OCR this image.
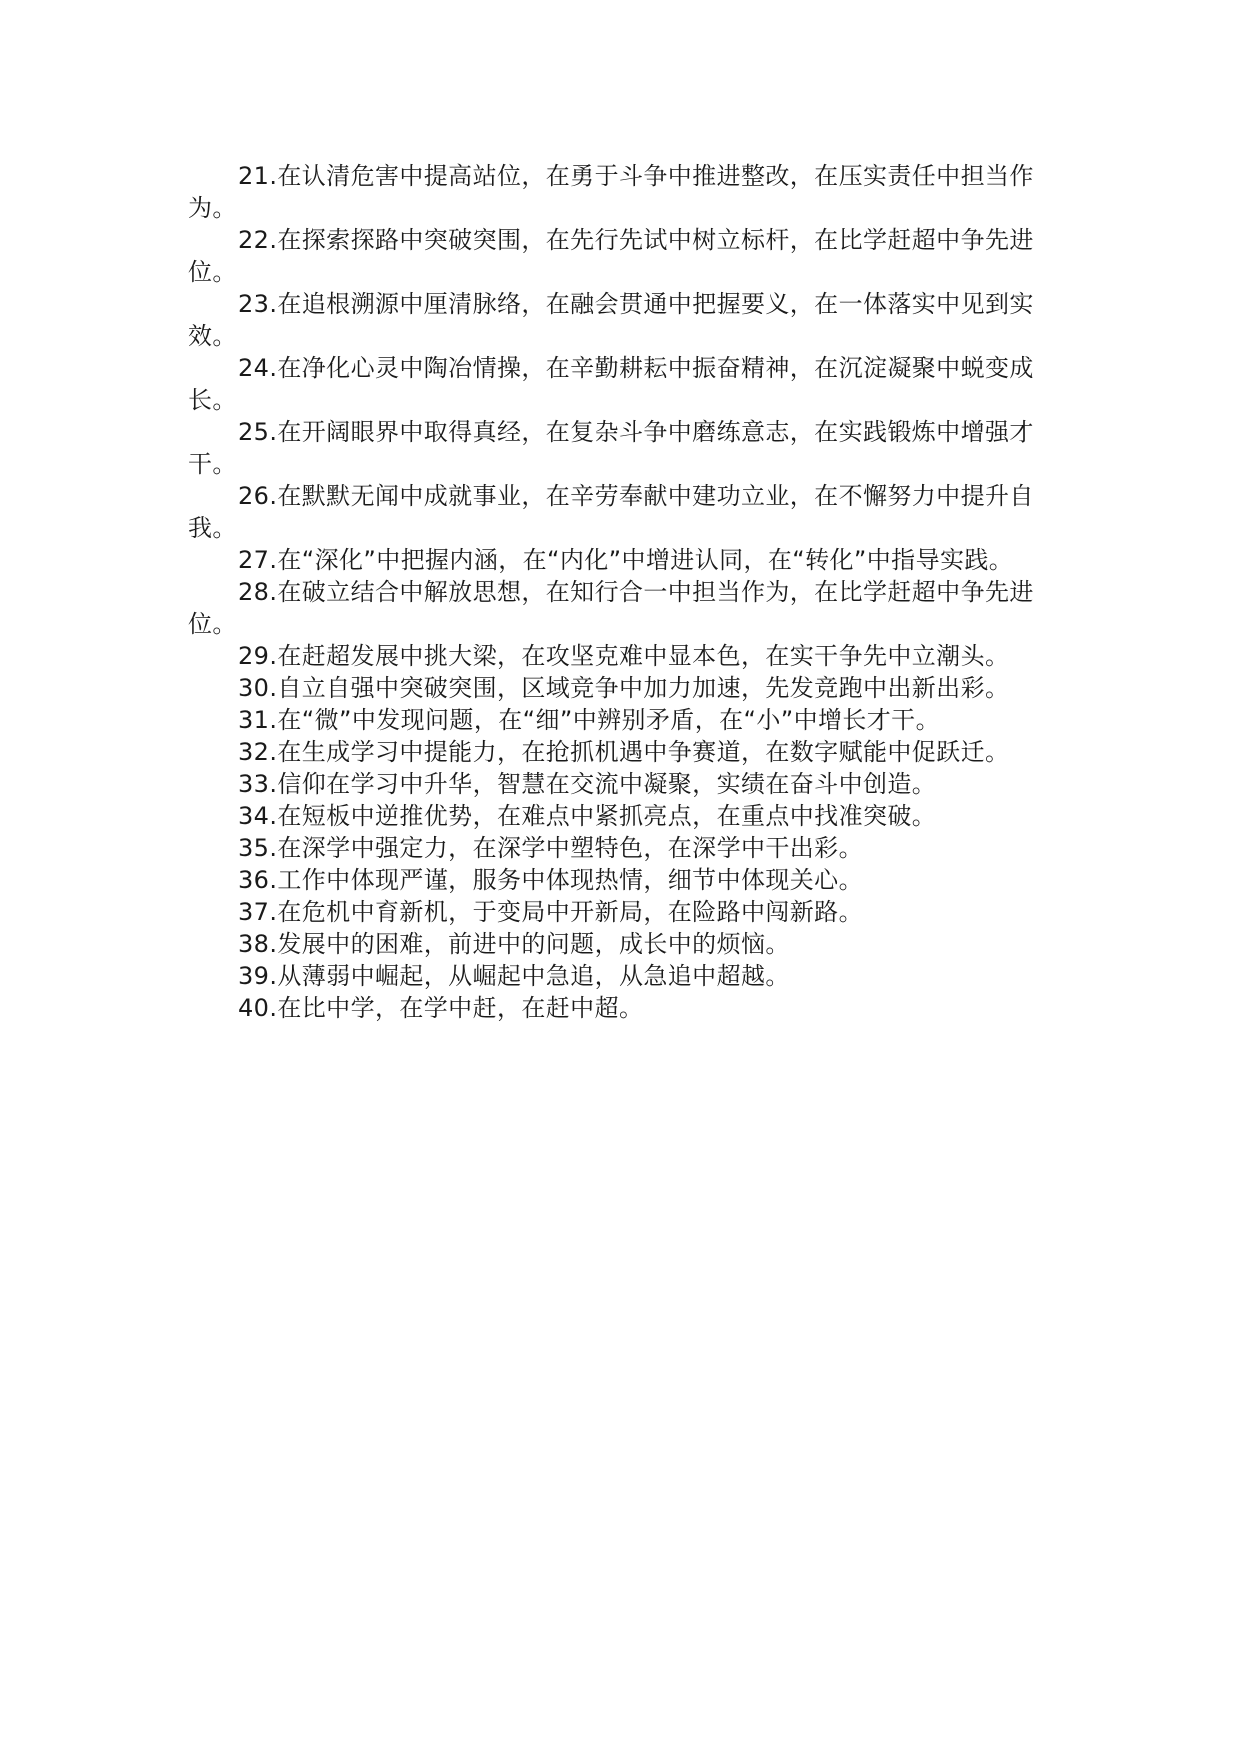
21.在认清危害中提高站位，在勇于斗争中推进整改，在压实责任中担当作为。

22.在探索探路中突破突围，在先行先试中树立标杆，在比学赶超中争先进位。

23.在追根溯源中厘清脉络，在融会贯通中把握要义，在一体落实中见到实效。

24.在净化心灵中陶冶情操，在辛勤耕耘中振奋精神，在沉淀凝聚中蜕变成长。

25.在开阔眼界中取得真经，在复杂斗争中磨练意志，在实践锻炼中增强才干。

26.在默默无闻中成就事业，在辛劳奉献中建功立业，在不懈努力中提升自我。

27.在“深化”中把握内涵，在“内化”中增进认同，在“转化”中指导实践。

28.在破立结合中解放思想，在知行合一中担当作为，在比学赶超中争先进位。

29.在赶超发展中挑大梁，在攻坚克难中显本色，在实干争先中立潮头。

30.自立自强中突破突围，区域竞争中加力加速，先发竞跑中出新出彩。

31.在“微”中发现问题，在“细”中辨别矛盾，在“小”中增长才干。

32.在生成学习中提能力，在抢抓机遇中争赛道，在数字赋能中促跃迁。

33.信仰在学习中升华，智慧在交流中凝聚，实绩在奋斗中创造。

34.在短板中逆推优势，在难点中紧抓亮点，在重点中找准突破。

35.在深学中强定力，在深学中塑特色，在深学中干出彩。

36.工作中体现严谨，服务中体现热情，细节中体现关心。

37.在危机中育新机，于变局中开新局，在险路中闯新路。

38.发展中的困难，前进中的问题，成长中的烦恼。

39.从薄弱中崛起，从崛起中急追，从急追中超越。

40.在比中学，在学中赶，在赶中超。
